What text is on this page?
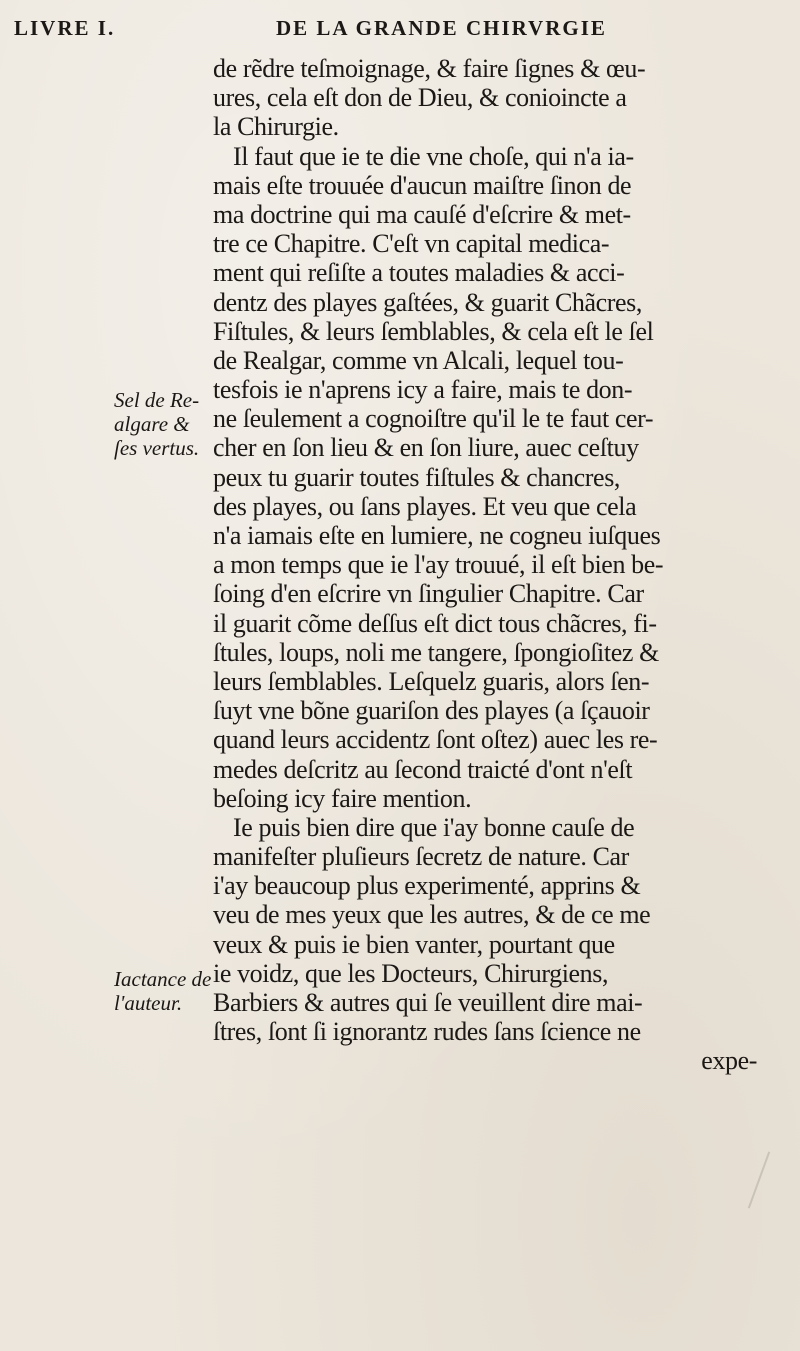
LIVRE I.	DE LA GRANDE CHIRVRGIE
Sel de Re-
algare &
ſes vertus.
Iactance de
l'auteur.
de rẽdre teſmoignage, & faire ſignes & œu-
ures, cela eſt don de Dieu, & conioincte a
la Chirurgie.
Il faut que ie te die vne choſe, qui n'a ia-
mais eſte trouuée d'aucun maiſtre ſinon de
ma doctrine qui ma cauſé d'eſcrire & met-
tre ce Chapitre. C'eſt vn capital medica-
ment qui reſiſte a toutes maladies & acci-
dentz des playes gaſtées, & guarit Chãcres,
Fiſtules, & leurs ſemblables, & cela eſt le ſel
de Realgar, comme vn Alcali, lequel tou-
tesfois ie n'aprens icy a faire, mais te don-
ne ſeulement a cognoiſtre qu'il le te faut cer-
cher en ſon lieu & en ſon liure, auec ceſtuy
peux tu guarir toutes fiſtules & chancres,
des playes, ou ſans playes. Et veu que cela
n'a iamais eſte en lumiere, ne cogneu iuſques
a mon temps que ie l'ay trouué, il eſt bien be-
ſoing d'en eſcrire vn ſingulier Chapitre. Car
il guarit cõme deſſus eſt dict tous chãcres, fi-
ſtules, loups, noli me tangere, ſpongioſitez &
leurs ſemblables. Leſquelz guaris, alors ſen-
ſuyt vne bõne guariſon des playes (a ſçauoir
quand leurs accidentz ſont oſtez) auec les re-
medes deſcritz au ſecond traicté d'ont n'eſt
beſoing icy faire mention.
Ie puis bien dire que i'ay bonne cauſe de
manifeſter pluſieurs ſecretz de nature. Car
i'ay beaucoup plus experimenté, apprins &
veu de mes yeux que les autres, & de ce me
veux & puis ie bien vanter, pourtant que
ie voidz, que les Docteurs, Chirurgiens,
Barbiers & autres qui ſe veuillent dire mai-
ſtres, ſont ſi ignorantz rudes ſans ſcience ne
expe-
